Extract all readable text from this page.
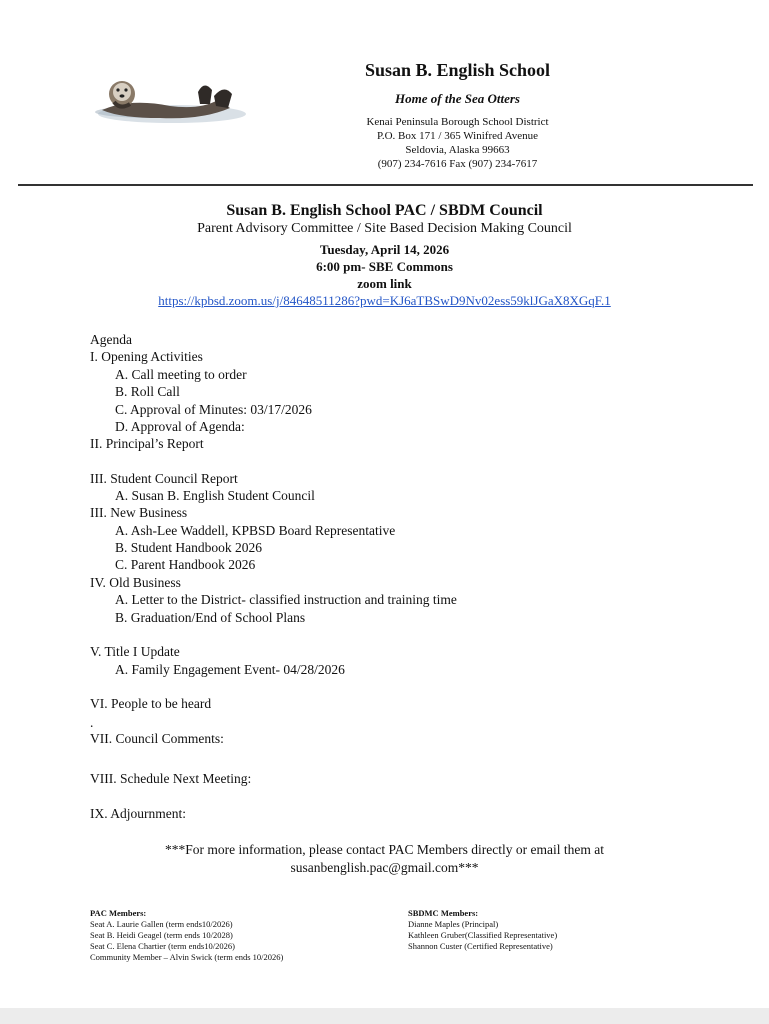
Susan B. English School
Home of the Sea Otters
Kenai Peninsula Borough School District
P.O. Box 171 / 365 Winifred Avenue
Seldovia, Alaska 99663
(907) 234-7616 Fax (907) 234-7617
Susan B. English School PAC / SBDM Council
Parent Advisory Committee / Site Based Decision Making Council
Tuesday, April 14, 2026
6:00 pm- SBE Commons
zoom link
https://kpbsd.zoom.us/j/84648511286?pwd=KJ6aTBSwD9Nv02ess59klJGaX8XGqF.1
Agenda
I. Opening Activities
A. Call meeting to order
B. Roll Call
C. Approval of Minutes: 03/17/2026
D. Approval of Agenda:
II. Principal’s Report
III. Student Council Report
A. Susan B. English Student Council
III. New Business
A. Ash-Lee Waddell, KPBSD Board Representative
B. Student Handbook 2026
C. Parent Handbook 2026
IV. Old Business
A. Letter to the District- classified instruction and training time
B. Graduation/End of School Plans
V. Title I Update
A. Family Engagement Event- 04/28/2026
VI. People to be heard
.
VII. Council Comments:
VIII. Schedule Next Meeting:
IX. Adjournment:
***For more information, please contact PAC Members directly or email them at
susanbenglish.pac@gmail.com***
PAC Members:
Seat A. Laurie Gallen (term ends10/2026)
Seat B. Heidi Geagel (term ends 10/2028)
Seat C. Elena Chartier (term ends10/2026)
Community Member – Alvin Swick (term ends 10/2026)
SBDMC Members:
Dianne Maples (Principal)
Kathleen Gruber(Classified Representative)
Shannon Custer (Certified Representative)
